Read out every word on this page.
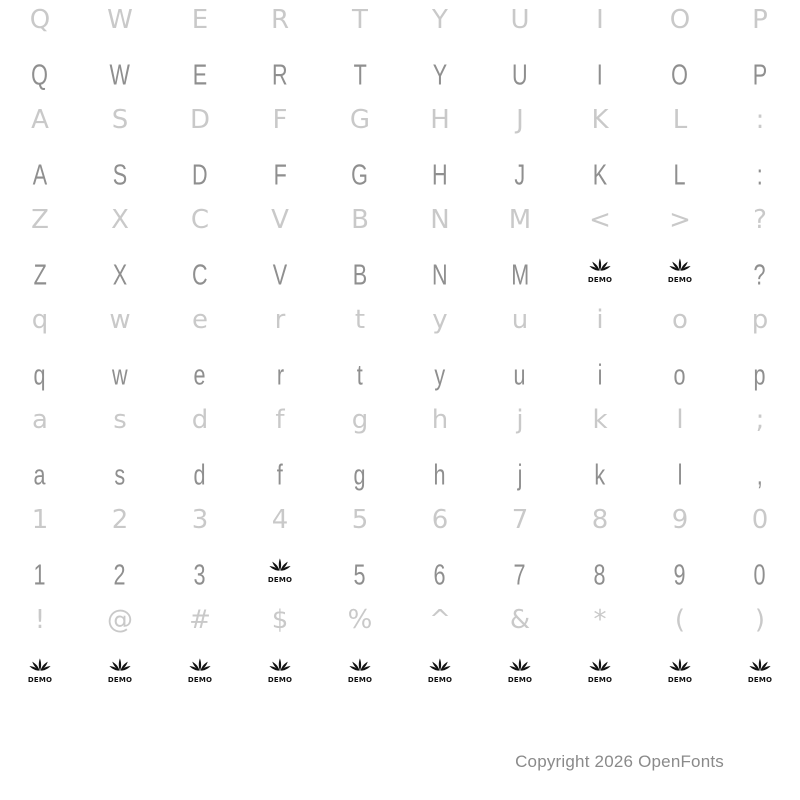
Q
Q
W
W
E
E
R
R
T
T
Y
Y
U
U
I
I
O
O
P
P
A
A
S
S
D
D
F
F
G
G
H
H
J
J
K
K
L
L
:
:
Z
Z
X
X
C
C
V
V
B
B
N
N
M
M
<
DEMO
>
DEMO
?
?
q
q
w
w
e
e
r
r
t
t
y
y
u
u
i
i
o
o
p
p
a
a
s
s
d
d
f
f
g
g
h
h
j
j
k
k
l
l
;
,
1
1
2
2
3
3
4
DEMO
5
5
6
6
7
7
8
8
9
9
0
0
!
DEMO
@
DEMO
#
DEMO
$
DEMO
%
DEMO
^
DEMO
&
DEMO
*
DEMO
(
DEMO
)
DEMO
Copyright 2026 OpenFonts
